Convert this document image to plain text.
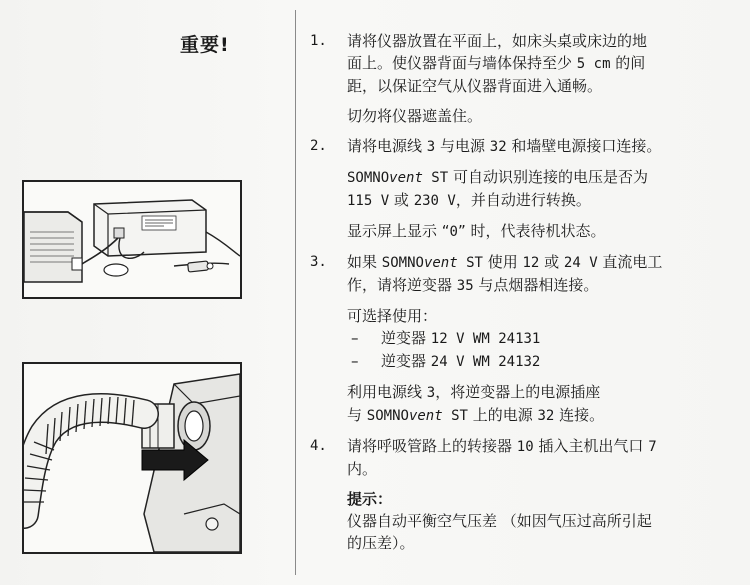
重要!	1. 请将仪器放置在平面上，如床头桌或床边的地
面上。使仪器背面与墙体保持至少 5 cm 的间
距，以保证空气从仪器背面进入通畅。

切勿将仪器遮盖住。

2. 请将电源线 3 与电源 32 和墙壁电源接口连接。

SOMNOvent ST 可自动识别连接的电压是否为
115 V 或 230 V，并自动进行转换。

显示屏上显示 “0” 时，代表待机状态。

3. 如果 SOMNOvent ST 使用 12 或 24 V 直流电工
作，请将逆变器 35 与点烟器相连接。

可选择使用：

– 逆变器 12 V WM 24131
– 逆变器 24 V WM 24132

利用电源线 3，将逆变器上的电源插座
与 SOMNOvent ST 上的电源 32 连接。

4. 请将呼吸管路上的转接器 10 插入主机出气口 7
内。

提示：

仪器自动平衡空气压差 （如因气压过高所引起
的压差）。
